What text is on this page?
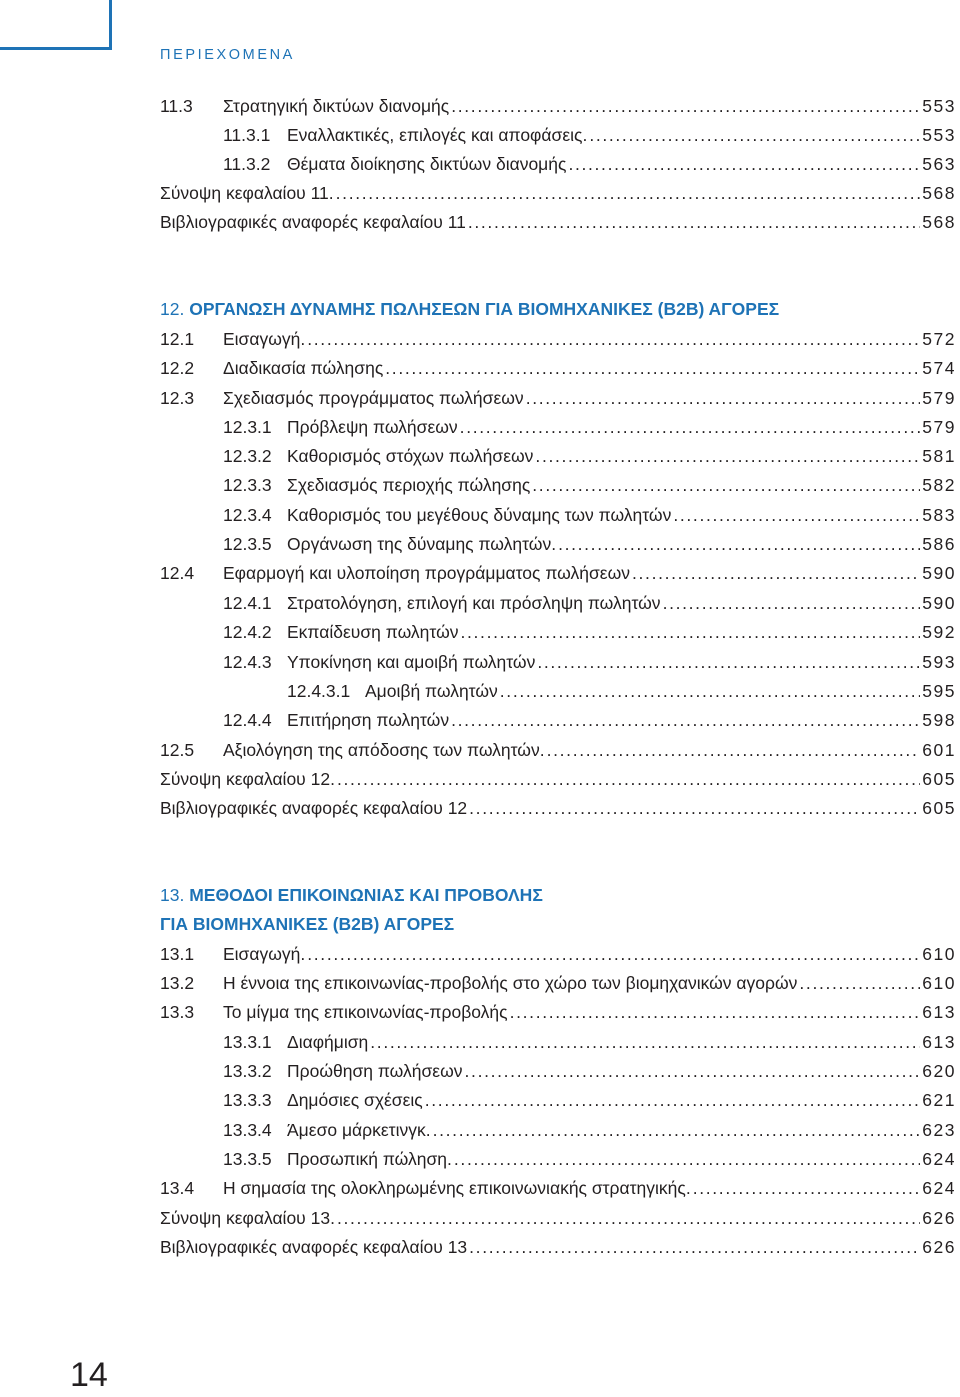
ΠΕΡΙΕΧΟΜΕΝΑ
11.3	Στρατηγική δικτύων διανομής . . .	553
11.3.1 Εναλλακτικές, επιλογές και αποφάσεις. . . .	553
11.3.2 Θέματα διοίκησης δικτύων διανομής . . .	563
Σύνοψη κεφαλαίου 11. . . .	568
Βιβλιογραφικές αναφορές κεφαλαίου 11 . . .	568
12. ΟΡΓΑΝΩΣΗ ΔΥΝΑΜΗΣ ΠΩΛΗΣΕΩΝ ΓΙΑ ΒΙΟΜΗΧΑΝΙΚΕΣ (B2B) ΑΓΟΡΕΣ
12.1	Εισαγωγή. . . .	572
12.2	Διαδικασία πώλησης . . .	574
12.3	Σχεδιασμός προγράμματος πωλήσεων . . .	579
12.3.1 Πρόβλεψη πωλήσεων . . .	579
12.3.2 Καθορισμός στόχων πωλήσεων . . .	581
12.3.3 Σχεδιασμός περιοχής πώλησης . . .	582
12.3.4 Καθορισμός του μεγέθους δύναμης των πωλητών . . .	583
12.3.5 Οργάνωση της δύναμης πωλητών. . . .	586
12.4	Εφαρμογή και υλοποίηση προγράμματος πωλήσεων . . .	590
12.4.1 Στρατολόγηση, επιλογή και πρόσληψη πωλητών . . .	590
12.4.2 Εκπαίδευση πωλητών . . .	592
12.4.3 Υποκίνηση και αμοιβή πωλητών . . .	593
12.4.3.1 Αμοιβή πωλητών . . .	595
12.4.4 Επιτήρηση πωλητών . . .	598
12.5	Αξιολόγηση της απόδοσης των πωλητών. . . .	601
Σύνοψη κεφαλαίου 12. . . .	605
Βιβλιογραφικές αναφορές κεφαλαίου 12 . . .	605
13. ΜΕΘΟΔΟΙ ΕΠΙΚΟΙΝΩΝΙΑΣ ΚΑΙ ΠΡΟΒΟΛΗΣ
ΓΙΑ ΒΙΟΜΗΧΑΝΙΚΕΣ (B2B) ΑΓΟΡΕΣ
13.1	Εισαγωγή. . . .	610
13.2	Η έννοια της επικοινωνίας-προβολής στο χώρο των βιομηχανικών αγορών . . .	610
13.3	Το μίγμα της επικοινωνίας-προβολής . . .	613
13.3.1 Διαφήμιση . . .	613
13.3.2 Προώθηση πωλήσεων . . .	620
13.3.3 Δημόσιες σχέσεις . . .	621
13.3.4 Άμεσο μάρκετινγκ. . . .	623
13.3.5 Προσωπική πώληση. . . .	624
13.4	Η σημασία της ολοκληρωμένης επικοινωνιακής στρατηγικής. . . .	624
Σύνοψη κεφαλαίου 13. . . .	626
Βιβλιογραφικές αναφορές κεφαλαίου 13 . . .	626
14
